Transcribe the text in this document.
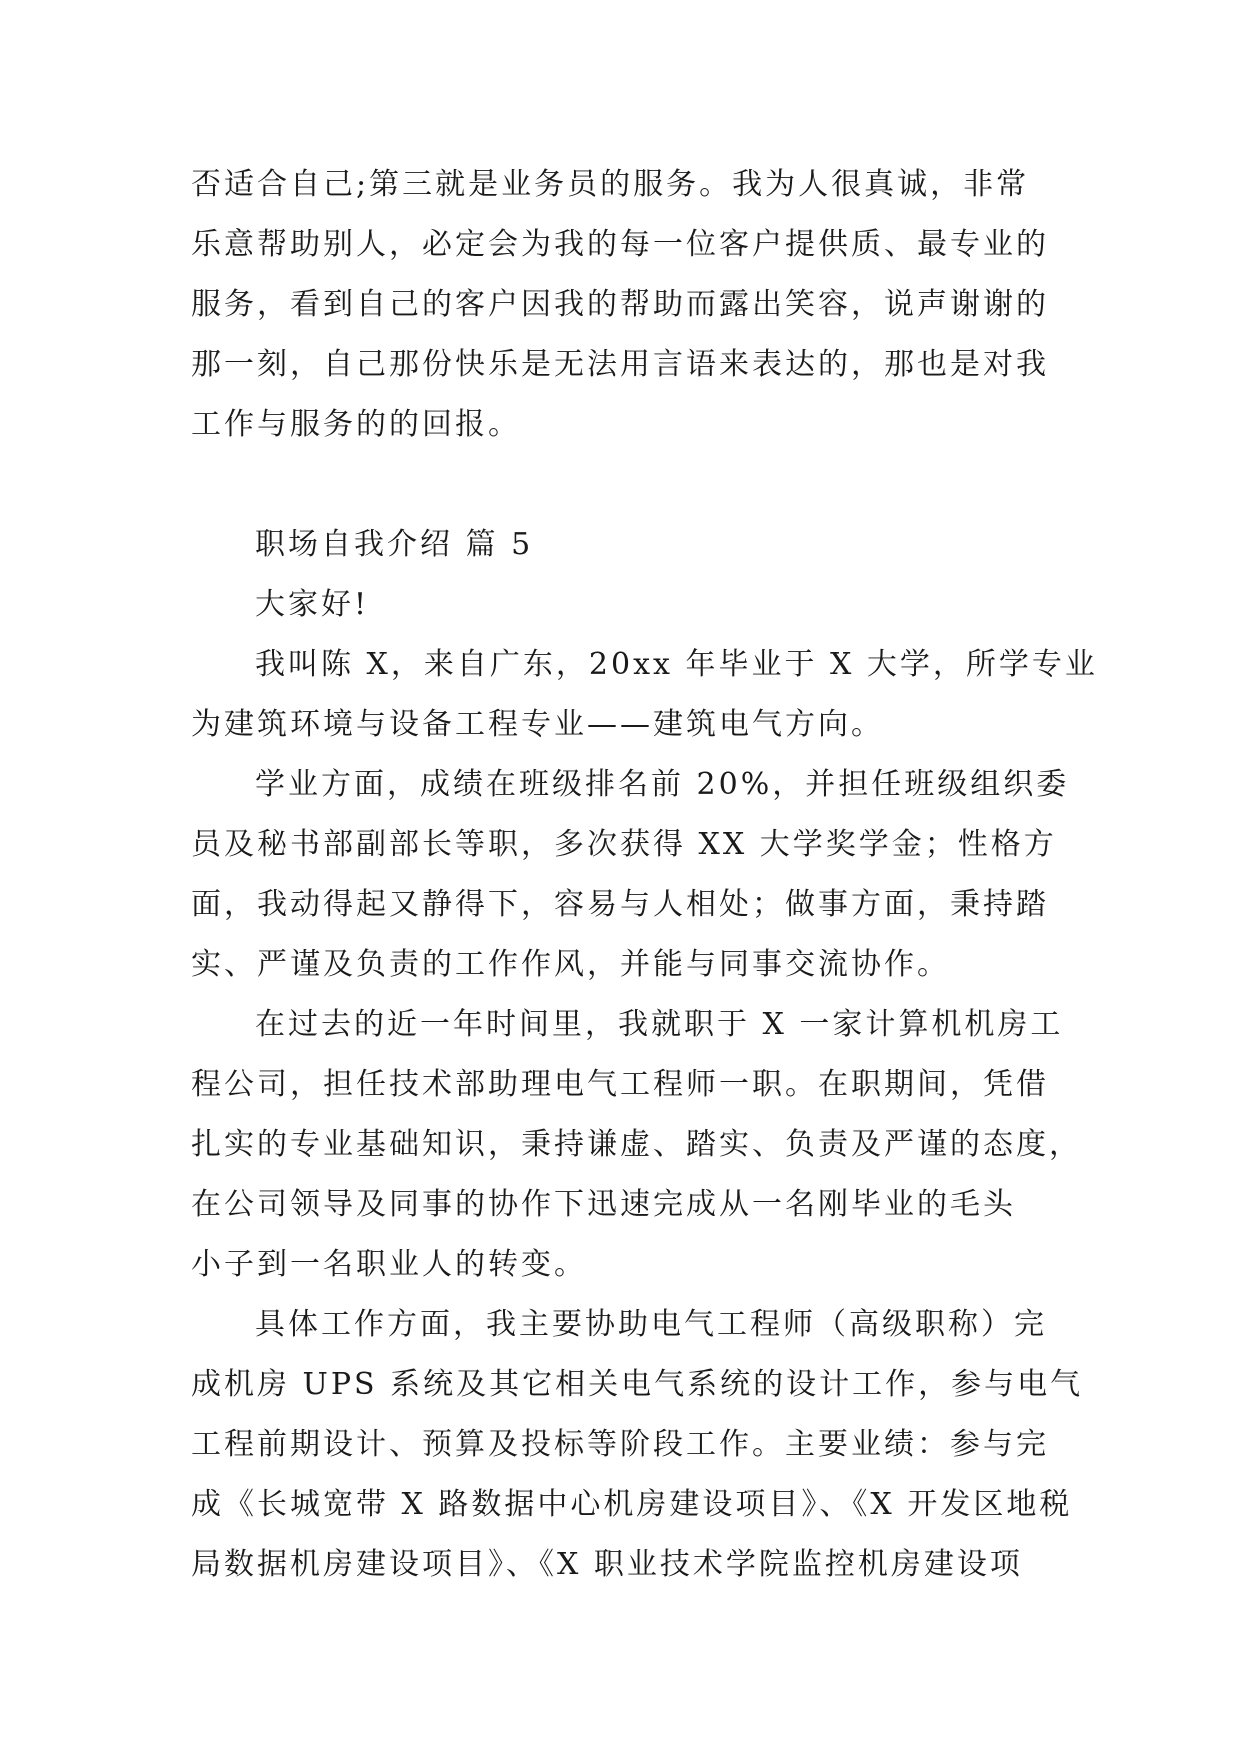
否适合自己;第三就是业务员的服务。我为人很真诚，非常
乐意帮助别人，必定会为我的每一位客户提供质、最专业的
服务，看到自己的客户因我的帮助而露出笑容，说声谢谢的
那一刻，自己那份快乐是无法用言语来表达的，那也是对我
工作与服务的的回报。
职场自我介绍 篇 5
大家好!
我叫陈 X，来自广东，20xx 年毕业于 X 大学，所学专业
为建筑环境与设备工程专业——建筑电气方向。
学业方面，成绩在班级排名前 20%，并担任班级组织委
员及秘书部副部长等职，多次获得 XX 大学奖学金；性格方
面，我动得起又静得下，容易与人相处；做事方面，秉持踏
实、严谨及负责的工作作风，并能与同事交流协作。
在过去的近一年时间里，我就职于 X 一家计算机机房工
程公司，担任技术部助理电气工程师一职。在职期间，凭借
扎实的专业基础知识，秉持谦虚、踏实、负责及严谨的态度，
在公司领导及同事的协作下迅速完成从一名刚毕业的毛头
小子到一名职业人的转变。
具体工作方面，我主要协助电气工程师（高级职称）完
成机房 UPS 系统及其它相关电气系统的设计工作，参与电气
工程前期设计、预算及投标等阶段工作。主要业绩：参与完
成《长城宽带 X 路数据中心机房建设项目》、《X 开发区地税
局数据机房建设项目》、《X 职业技术学院监控机房建设项
